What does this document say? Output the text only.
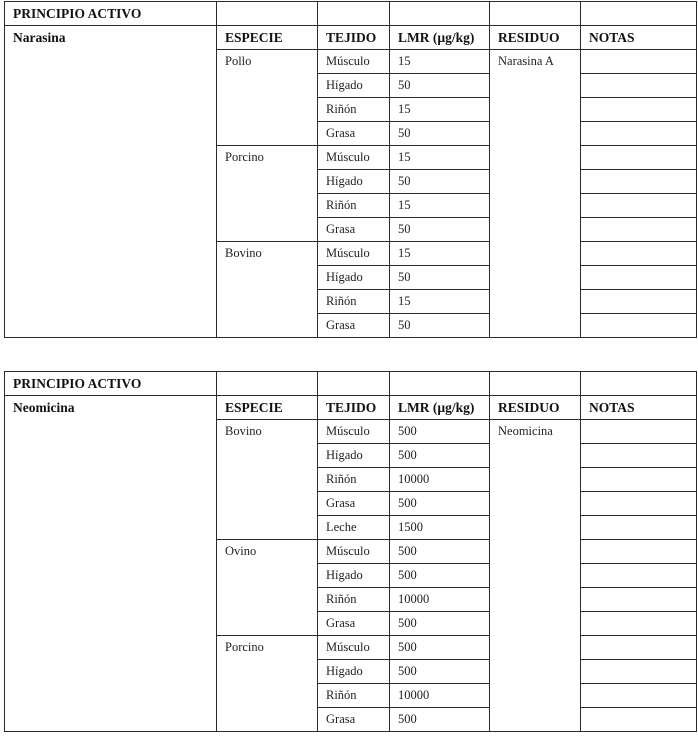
PRINCIPIO ACTIVO					
Narasina	ESPECIE	TEJIDO	LMR (µg/kg)	RESIDUO	NOTAS
	Pollo	Músculo	15	Narasina A	
		Hígado	50		
		Riñón	15		
		Grasa	50		
	Porcino	Músculo	15		
		Hígado	50		
		Riñón	15		
		Grasa	50		
	Bovino	Músculo	15		
		Hígado	50		
		Riñón	15		
		Grasa	50		
PRINCIPIO ACTIVO					
Neomicina	ESPECIE	TEJIDO	LMR (µg/kg)	RESIDUO	NOTAS
	Bovino	Músculo	500	Neomicina	
		Hígado	500		
		Riñón	10000		
		Grasa	500		
		Leche	1500		
	Ovino	Músculo	500		
		Hígado	500		
		Riñón	10000		
		Grasa	500		
	Porcino	Músculo	500		
		Hígado	500		
		Riñón	10000		
		Grasa	500		
